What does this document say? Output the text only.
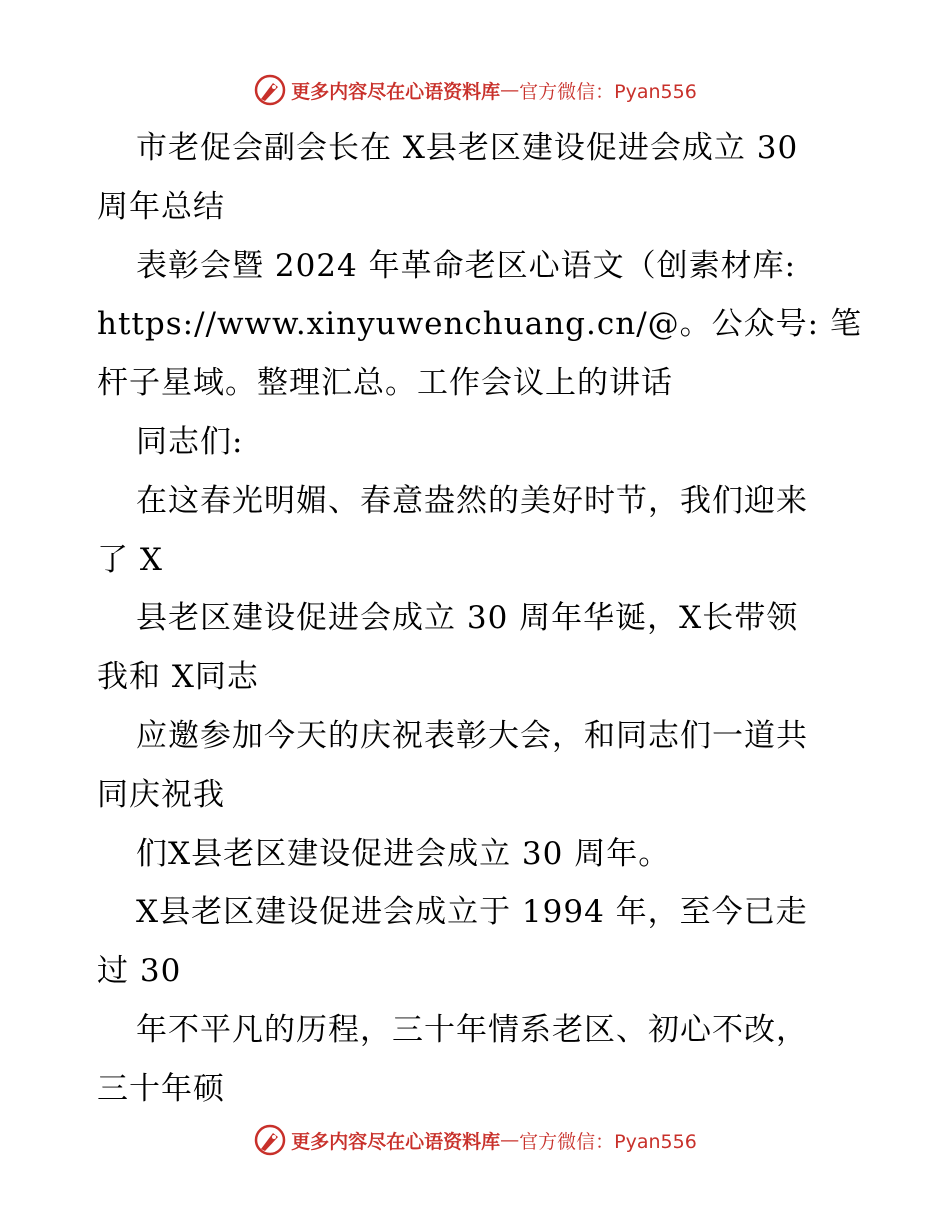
更多内容尽在心语资料库 — 官方微信：Pyan556
市老促会副会长在 X县老区建设促进会成立 30
周年总结
表彰会暨 2024 年革命老区心语文（创素材库:
https://www.xinyuwenchuang.cn/@。公众号: 笔
杆子星域。整理汇总。工作会议上的讲话
同志们:
在这春光明媚、春意盎然的美好时节，我们迎来
了 X
县老区建设促进会成立 30 周年华诞，X长带领
我和 X同志
应邀参加今天的庆祝表彰大会，和同志们一道共
同庆祝我
们X县老区建设促进会成立 30 周年。
X县老区建设促进会成立于 1994 年，至今已走
过 30
年不平凡的历程，三十年情系老区、初心不改，
三十年硕
更多内容尽在心语资料库 — 官方微信：Pyan556
